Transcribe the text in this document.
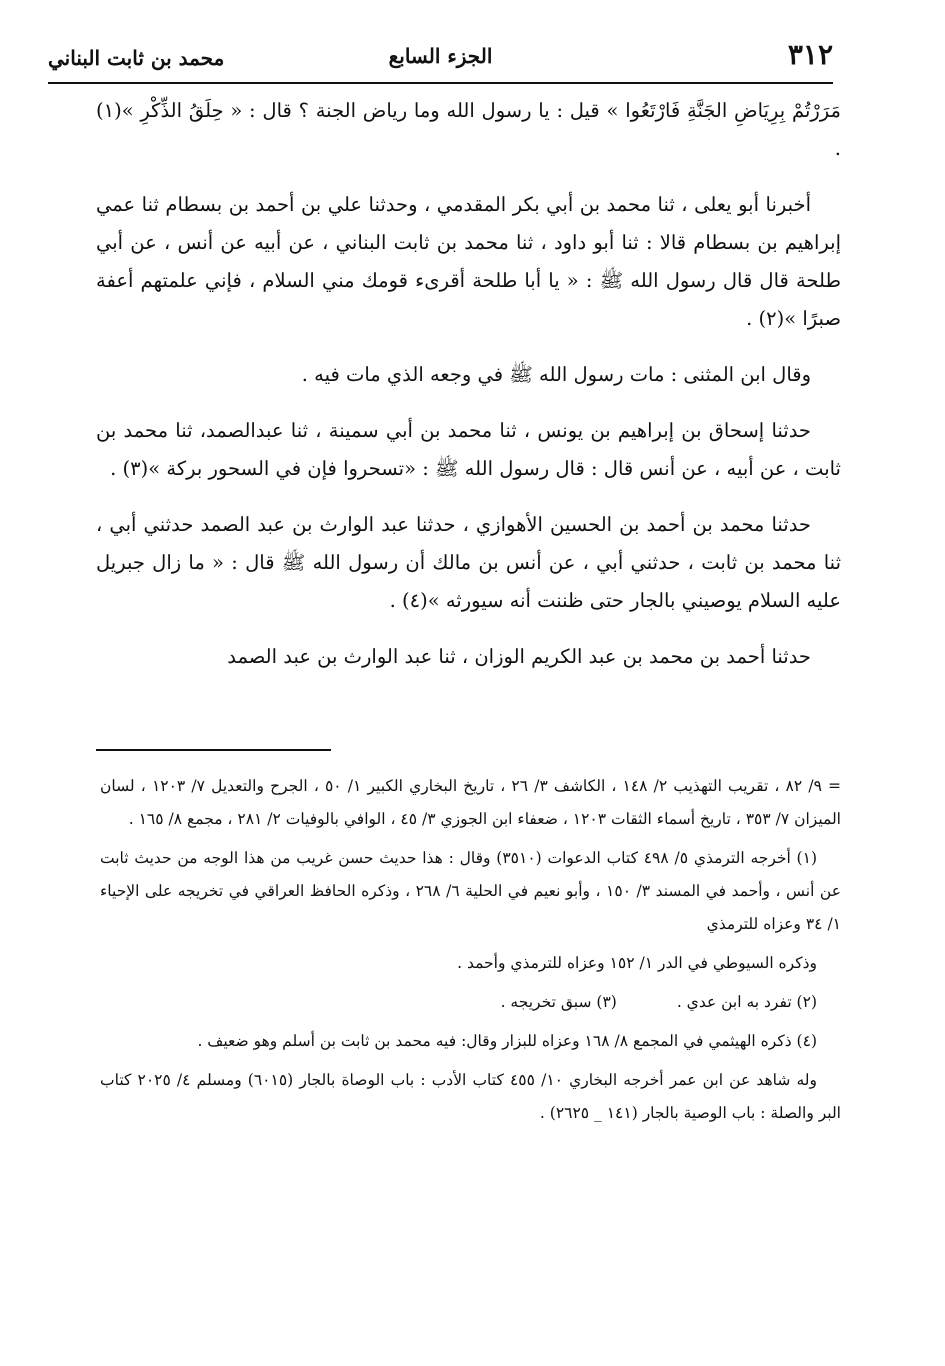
٣١٢
الجزء السابع
محمد بن ثابت البناني

مَرَرْتُمْ بِرِيَاضِ الجَنَّةِ فَارْتَعُوا » قيل : يا رسول الله وما رياض الجنة ؟ قال : « حِلَقُ الذِّكْرِ »(١) .

أخبرنا أبو يعلى ، ثنا محمد بن أبي بكر المقدمي ، وحدثنا علي بن أحمد بن بسطام ثنا عمي إبراهيم بن بسطام قالا : ثنا أبو داود ، ثنا محمد بن ثابت البناني ، عن أبيه عن أنس ، عن أبي طلحة قال قال رسول الله ﷺ : « يا أبا طلحة أقرىء قومك مني السلام ، فإني علمتهم أعفة صبرًا »(٢) .

وقال ابن المثنى : مات رسول الله ﷺ في وجعه الذي مات فيه .

حدثنا إسحاق بن إبراهيم بن يونس ، ثنا محمد بن أبي سمينة ، ثنا عبدالصمد، ثنا محمد بن ثابت ، عن أبيه ، عن أنس قال : قال رسول الله ﷺ : «تسحروا فإن في السحور بركة »(٣) .

حدثنا محمد بن أحمد بن الحسين الأهوازي ، حدثنا عبد الوارث بن عبد الصمد حدثني أبي ، ثنا محمد بن ثابت ، حدثني أبي ، عن أنس بن مالك أن رسول الله ﷺ قال : « ما زال جبريل عليه السلام يوصيني بالجار حتى ظننت أنه سيورثه »(٤) .

حدثنا أحمد بن محمد بن عبد الكريم الوزان ، ثنا عبد الوارث بن عبد الصمد

= ٩/ ٨٢ ، تقريب التهذيب ٢/ ١٤٨ ، الكاشف ٣/ ٢٦ ، تاريخ البخاري الكبير ١/ ٥٠ ، الجرح والتعديل ٧/ ١٢٠٣ ، لسان الميزان ٧/ ٣٥٣ ، تاريخ أسماء الثقات ١٢٠٣ ، ضعفاء ابن الجوزي ٣/ ٤٥ ، الوافي بالوفيات ٢/ ٢٨١ ، مجمع ٨/ ١٦٥ .

(١) أخرجه الترمذي ٥/ ٤٩٨ كتاب الدعوات (٣٥١٠) وقال : هذا حديث حسن غريب من هذا الوجه من حديث ثابت عن أنس ، وأحمد في المسند ٣/ ١٥٠ ، وأبو نعيم في الحلية ٦/ ٢٦٨ ، وذكره الحافظ العراقي في تخريجه على الإحياء ١/ ٣٤ وعزاه للترمذي

وذكره السيوطي في الدر ١/ ١٥٢ وعزاه للترمذي وأحمد .

(٢) تفرد به ابن عدي .(٣) سبق تخريجه .

(٤) ذكره الهيثمي في المجمع ٨/ ١٦٨ وعزاه للبزار وقال: فيه محمد بن ثابت بن أسلم وهو ضعيف .

وله شاهد عن ابن عمر أخرجه البخاري ١٠/ ٤٥٥ كتاب الأدب : باب الوصاة بالجار (٦٠١٥) ومسلم ٤/ ٢٠٢٥ كتاب البر والصلة : باب الوصية بالجار (١٤١ _ ٢٦٢٥) .
